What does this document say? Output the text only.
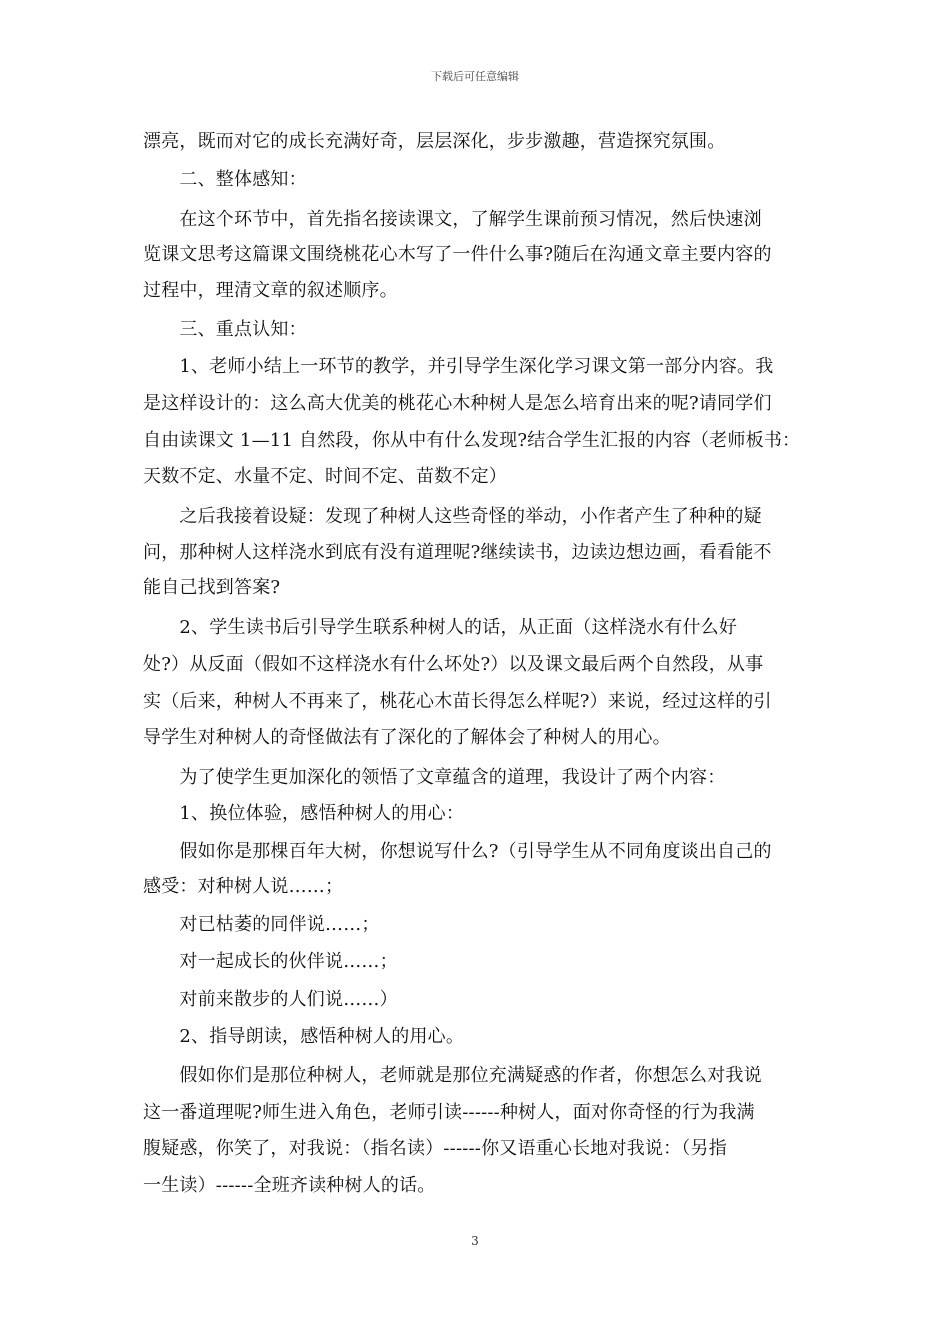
下载后可任意编辑
漂亮，既而对它的成长充满好奇，层层深化，步步激趣，营造探究氛围。
　　二、整体感知：
　　在这个环节中，首先指名接读课文，了解学生课前预习情况，然后快速浏
览课文思考这篇课文围绕桃花心木写了一件什么事?随后在沟通文章主要内容的
过程中，理清文章的叙述顺序。
　　三、重点认知：
　　1、老师小结上一环节的教学，并引导学生深化学习课文第一部分内容。我
是这样设计的：这么高大优美的桃花心木种树人是怎么培育出来的呢?请同学们
自由读课文 1—11 自然段，你从中有什么发现?结合学生汇报的内容（老师板书：
天数不定、水量不定、时间不定、苗数不定）
　　之后我接着设疑：发现了种树人这些奇怪的举动，小作者产生了种种的疑
问，那种树人这样浇水到底有没有道理呢?继续读书，边读边想边画，看看能不
能自己找到答案?
　　2、学生读书后引导学生联系种树人的话，从正面（这样浇水有什么好
处?）从反面（假如不这样浇水有什么坏处?）以及课文最后两个自然段，从事
实（后来，种树人不再来了，桃花心木苗长得怎么样呢?）来说，经过这样的引
导学生对种树人的奇怪做法有了深化的了解体会了种树人的用心。
　　为了使学生更加深化的领悟了文章蕴含的道理，我设计了两个内容：
　　1、换位体验，感悟种树人的用心：
　　假如你是那棵百年大树，你想说写什么?（引导学生从不同角度谈出自己的
感受：对种树人说……；
　　对已枯萎的同伴说……；
　　对一起成长的伙伴说……；
　　对前来散步的人们说……）
　　2、指导朗读，感悟种树人的用心。
　　假如你们是那位种树人，老师就是那位充满疑惑的作者，你想怎么对我说
这一番道理呢?师生进入角色，老师引读------种树人，面对你奇怪的行为我满
腹疑惑，你笑了，对我说：（指名读）------你又语重心长地对我说：（另指
一生读）------全班齐读种树人的话。
3
